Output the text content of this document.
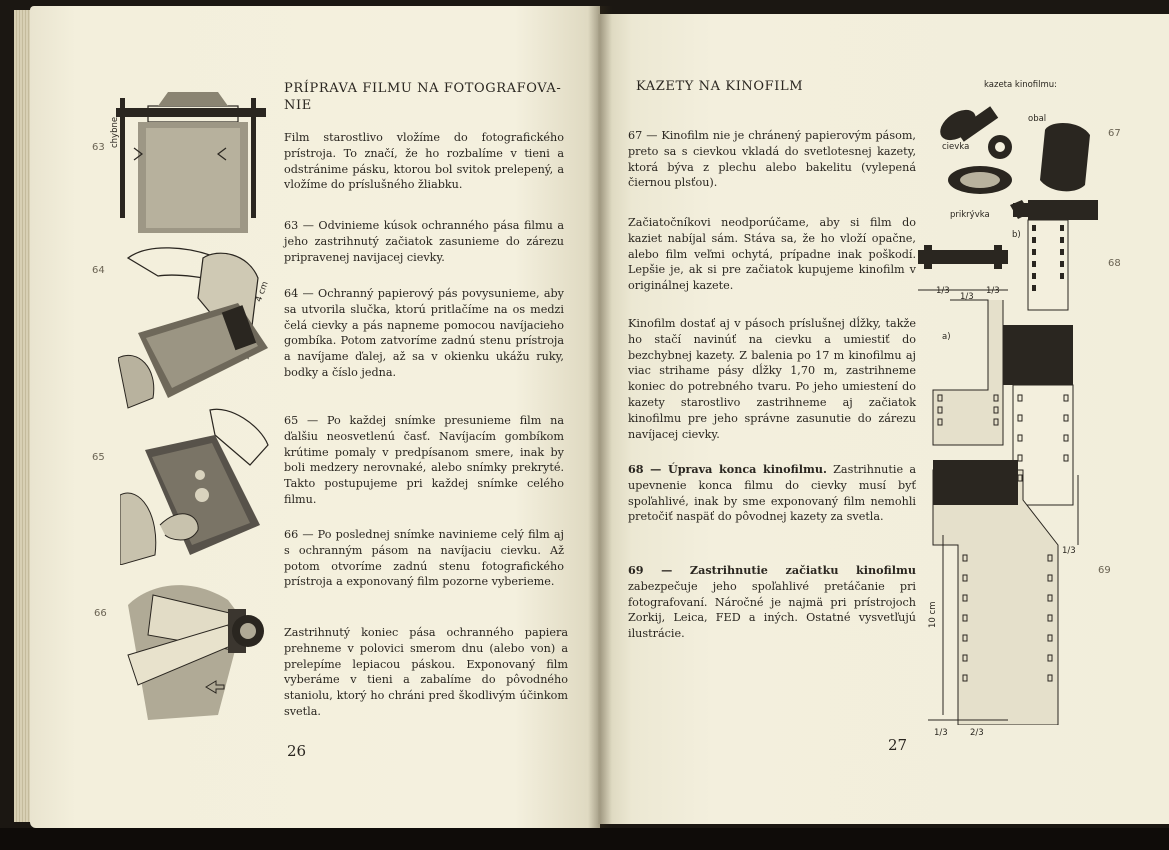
63
64
65
66
chybne
4 cm
PRÍPRAVA FILMU NA FOTOGRAFOVA-NIE
Film starostlivo vložíme do fotografického prístroja. To značí, že ho rozbalíme v tieni a odstránime pásku, ktorou bol svitok prelepený, a vložíme do príslušného žliabku.
63 — Odvinieme kúsok ochranného pása filmu a jeho zastrihnutý začiatok zasunieme do zárezu pripravenej navijacej cievky.
64 — Ochranný papierový pás povysunieme, aby sa utvorila slučka, ktorú pritlačíme na os medzi čelá cievky a pás napneme pomocou navíjacieho gombíka. Potom zatvoríme zadnú stenu prístroja a navíjame ďalej, až sa v okienku ukážu ruky, bodky a číslo jedna.
65 — Po každej snímke presunieme film na ďalšiu neosvetlenú časť. Navíjacím gombíkom krútime pomaly v predpísanom smere, inak by boli medzery nerovnaké, alebo snímky prekryté. Takto postupujeme pri každej snímke celého filmu.
66 — Po poslednej snímke navinieme celý film aj s ochranným pásom na navíjaciu cievku. Až potom otvoríme zadnú stenu fotografického prístroja a exponovaný film pozorne vyberieme.
Zastrihnutý koniec pása ochranného papiera prehneme v polovici smerom dnu (alebo von) a prelepíme lepiacou páskou. Exponovaný film vyberáme v tieni a zabalíme do pôvodného staniolu, ktorý ho chráni pred škodlivým účinkom svetla.
26
KAZETY NA KINOFILM
67 — Kinofilm nie je chránený papierovým pásom, preto sa s cievkou vkladá do svetlotesnej kazety, ktorá býva z plechu alebo bakelitu (vylepená čiernou plsťou).
Začiatočníkovi neodporúčame, aby si film do kaziet nabíjal sám. Stáva sa, že ho vloží opačne, alebo film veľmi ochytá, prípadne inak poškodí. Lepšie je, ak si pre začiatok kupujeme kinofilm v originálnej kazete.
Kinofilm dostať aj v pásoch príslušnej dĺžky, takže ho stačí navinúť na cievku a umiestiť do bezchybnej kazety. Z balenia po 17 m kinofilmu aj viac strihame pásy dĺžky 1,70 m, zastrihneme koniec do potrebného tvaru. Po jeho umiestení do kazety starostlivo zastrihneme aj začiatok kinofilmu pre jeho správne zasunutie do zárezu navíjacej cievky.
68 — Úprava konca kinofilmu. Zastrihnutie a upevnenie konca filmu do cievky musí byť spoľahlivé, inak by sme exponovaný film nemohli pretočiť naspäť do pôvodnej kazety za svetla.
69 — Zastrihnutie začiatku kinofilmu zabezpečuje jeho spoľahlivé pretáčanie pri fotografovaní. Náročné je najmä pri prístrojoch Zorkij, Leica, FED a iných. Ostatné vysvetľujú ilustrácie.
27
67
68
69
kazeta kinofilmu:
obal
cievka
prikrývka
b)
a)
1/3
1/3
1/3
1/3
1/3	2/3
10 cm
